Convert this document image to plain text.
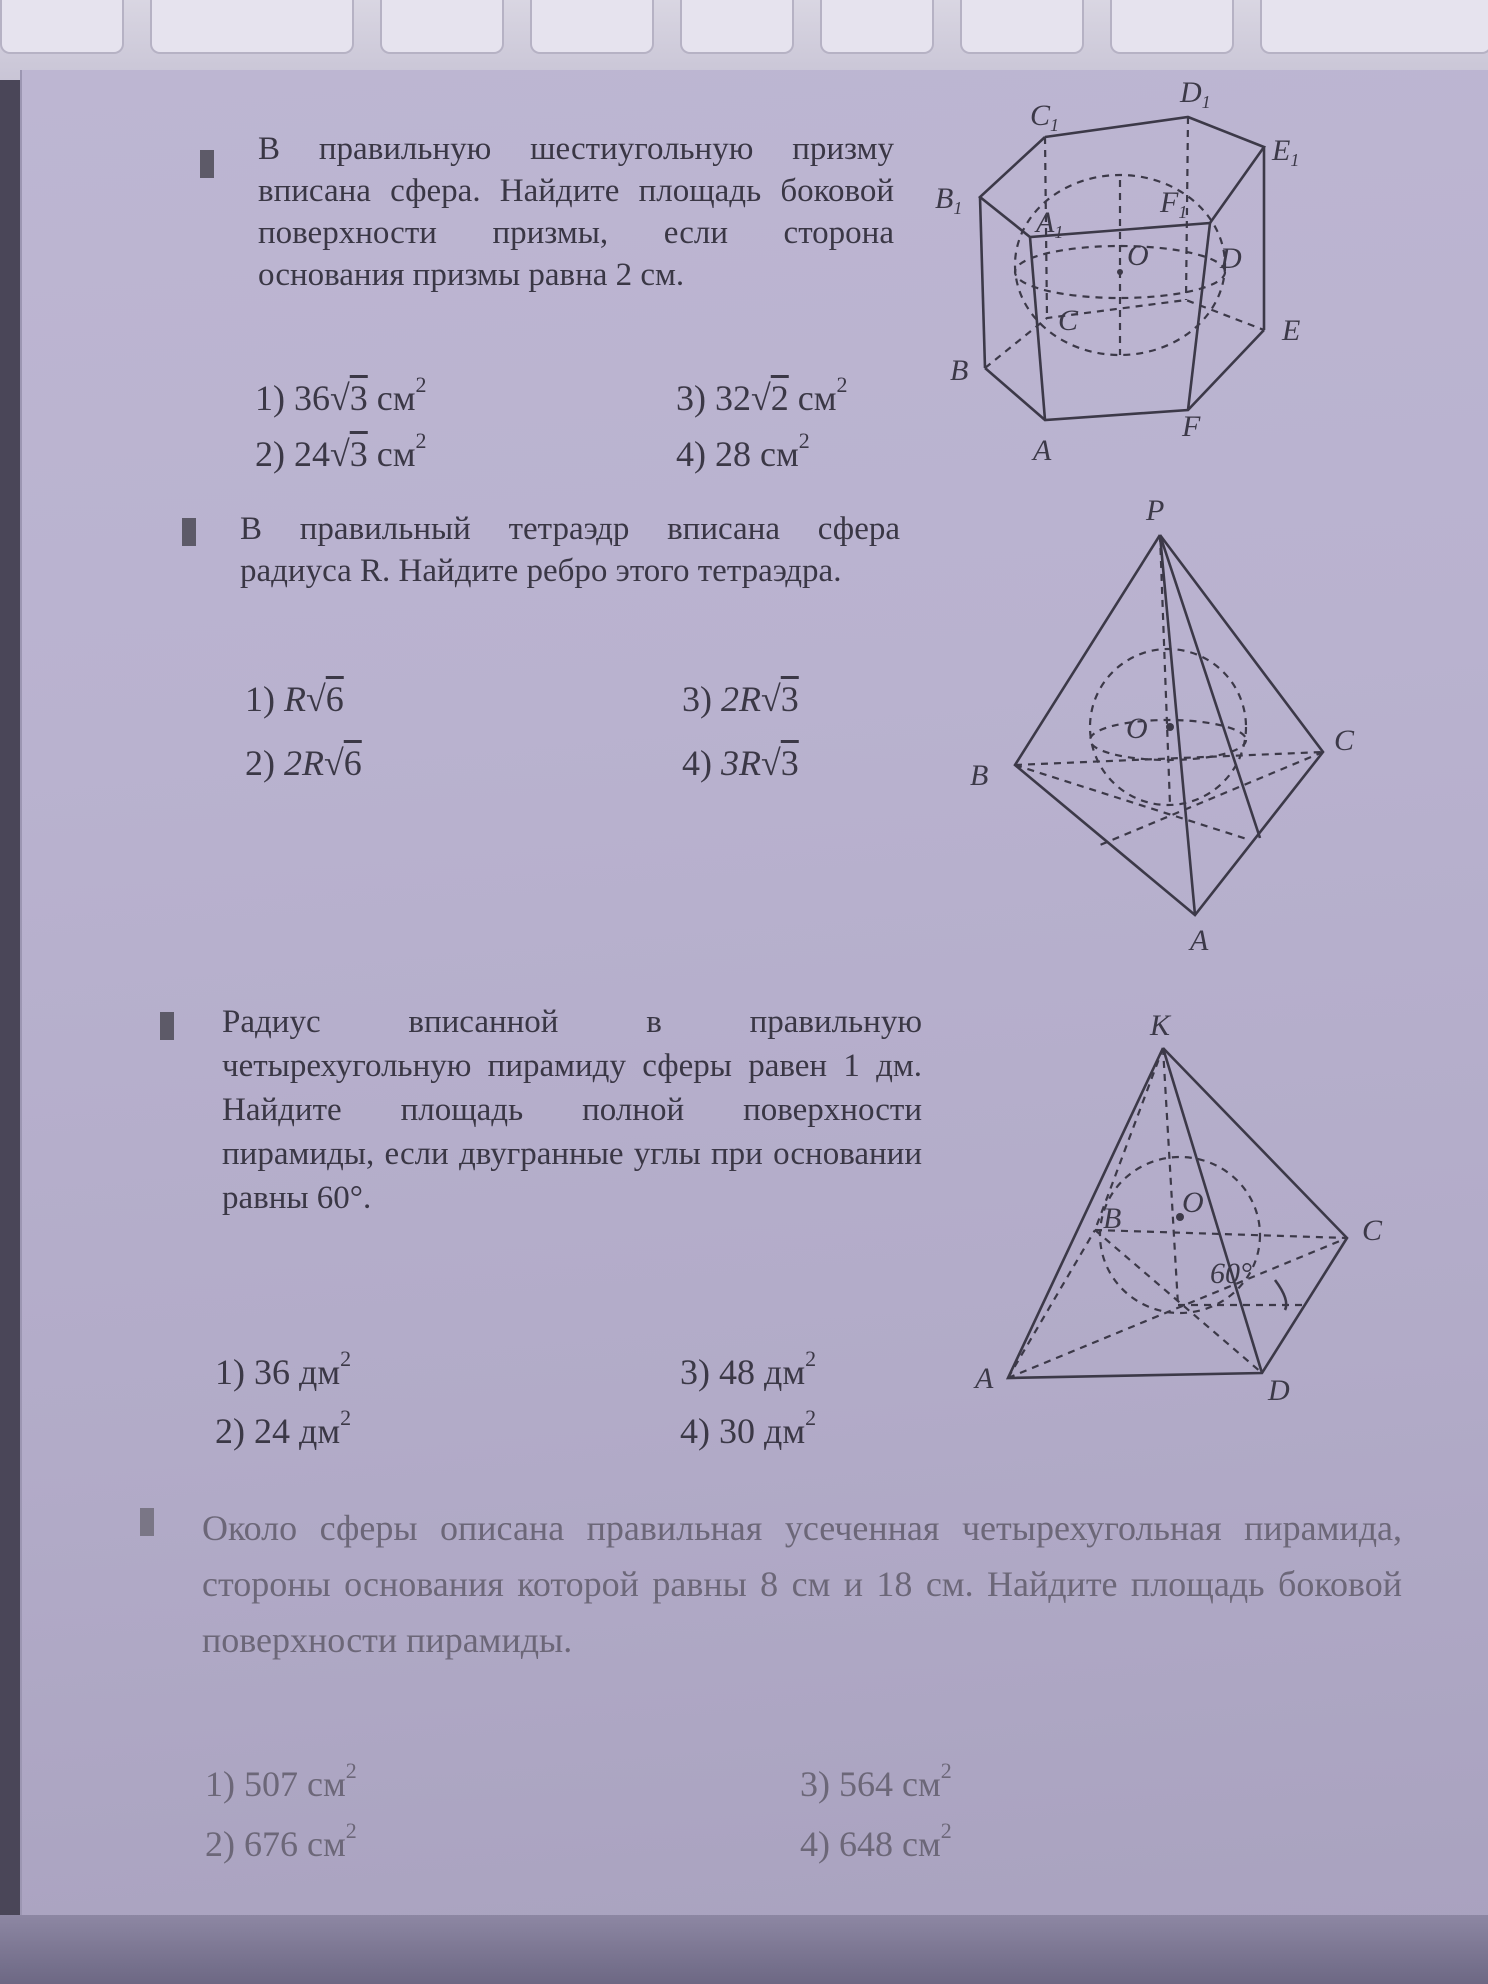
В правильную шестиугольную призму вписана сфера. Найдите площадь боковой поверхности призмы, если сторона основания призмы равна 2 см.

1) 36√3 $см^2$
2) 24√3 $см^2$
3) 32√2 $см^2$
4) 28 $см^2$
$C_1$
$D_1$
$E_1$
$B_1$ $A_1$
$F_1$
O
C
D
E
B
A
F

В правильный тетраэдр вписана сфера радиуса R. Найдите ребро этого тетраэдра.

1) R√6
2) 2R√6
3) 2R√3
4) 3R√3
P
O
B
C
A

Радиус вписанной в правильную четырехугольную пирамиду сферы равен 1 дм. Найдите площадь полной поверхности пирамиды, если двугранные углы при основании равны 60°.

1) 36 $дм^2$
2) 24 $дм^2$
3) 48 $дм^2$
4) 30 $дм^2$
K
B O
C
60°
A	D

Около сферы описана правильная усеченная четырехугольная пирамида, стороны основания которой равны 8 см и 18 см. Найдите площадь боковой поверхности пирамиды.

1) 507 $см^2$
2) 676 $см^2$
3) 564 $см^2$
4) 648 $см^2$
